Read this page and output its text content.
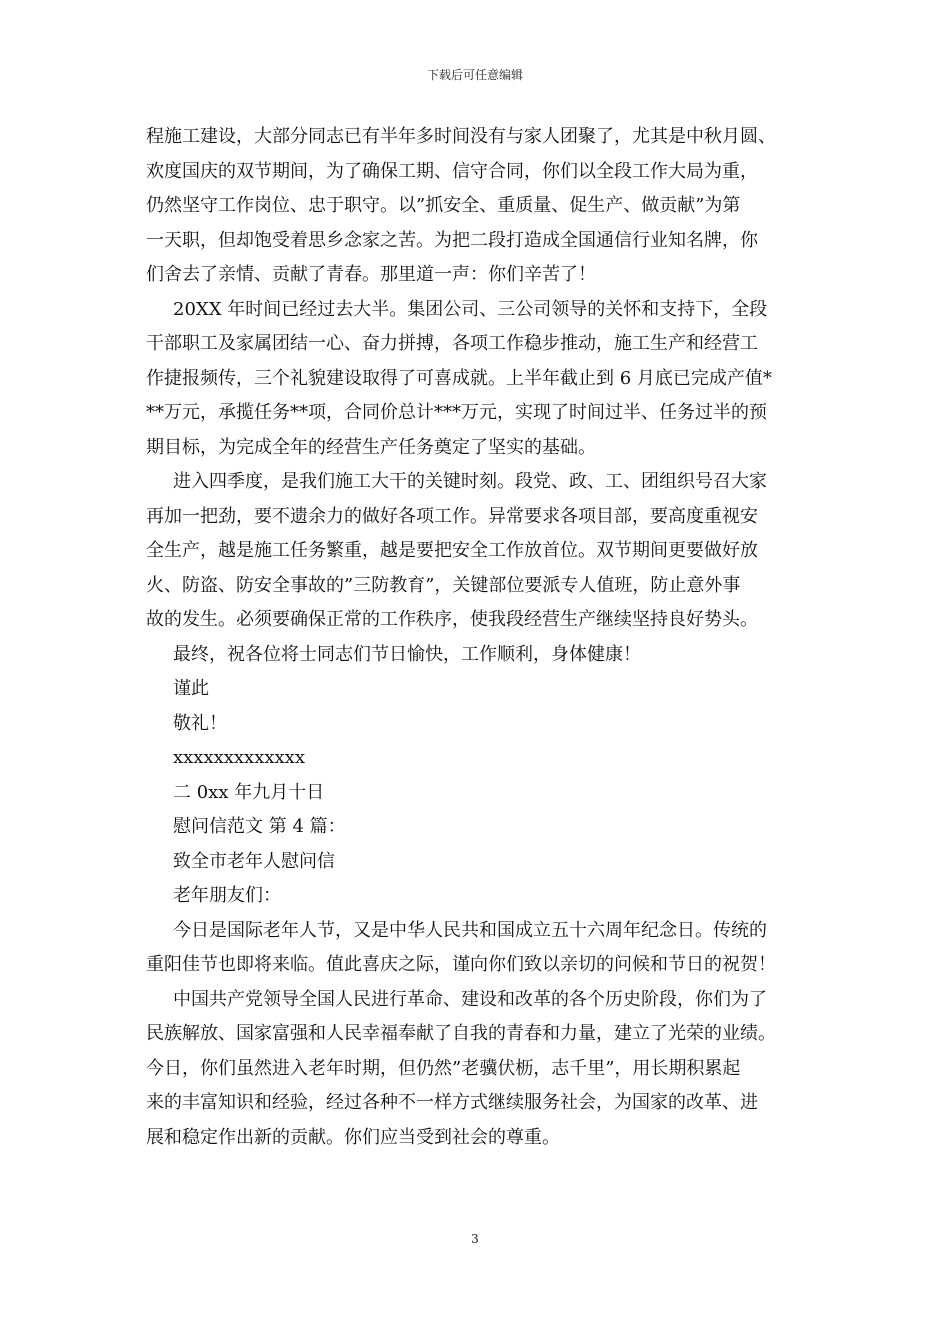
下载后可任意编辑
程施工建设，大部分同志已有半年多时间没有与家人团聚了，尤其是中秋月圆、
欢度国庆的双节期间，为了确保工期、信守合同，你们以全段工作大局为重，
仍然坚守工作岗位、忠于职守。以”抓安全、重质量、促生产、做贡献”为第
一天职，但却饱受着思乡念家之苦。为把二段打造成全国通信行业知名牌，你
们舍去了亲情、贡献了青春。那里道一声：你们辛苦了！
20XX 年时间已经过去大半。集团公司、三公司领导的关怀和支持下，全段
干部职工及家属团结一心、奋力拼搏，各项工作稳步推动，施工生产和经营工
作捷报频传，三个礼貌建设取得了可喜成就。上半年截止到 6 月底已完成产值*
**万元，承揽任务**项，合同价总计***万元，实现了时间过半、任务过半的预
期目标，为完成全年的经营生产任务奠定了坚实的基础。
进入四季度，是我们施工大干的关键时刻。段党、政、工、团组织号召大家
再加一把劲，要不遗余力的做好各项工作。异常要求各项目部，要高度重视安
全生产，越是施工任务繁重，越是要把安全工作放首位。双节期间更要做好放
火、防盗、防安全事故的”三防教育”，关键部位要派专人值班，防止意外事
故的发生。必须要确保正常的工作秩序，使我段经营生产继续坚持良好势头。
最终，祝各位将士同志们节日愉快，工作顺利，身体健康！
谨此
敬礼！
xxxxxxxxxxxxx
二 0xx 年九月十日
慰问信范文 第 4 篇：
致全市老年人慰问信
老年朋友们：
今日是国际老年人节，又是中华人民共和国成立五十六周年纪念日。传统的
重阳佳节也即将来临。值此喜庆之际，谨向你们致以亲切的问候和节日的祝贺！
中国共产党领导全国人民进行革命、建设和改革的各个历史阶段，你们为了
民族解放、国家富强和人民幸福奉献了自我的青春和力量，建立了光荣的业绩。
今日，你们虽然进入老年时期，但仍然”老骥伏枥，志千里”，用长期积累起
来的丰富知识和经验，经过各种不一样方式继续服务社会，为国家的改革、进
展和稳定作出新的贡献。你们应当受到社会的尊重。
3
